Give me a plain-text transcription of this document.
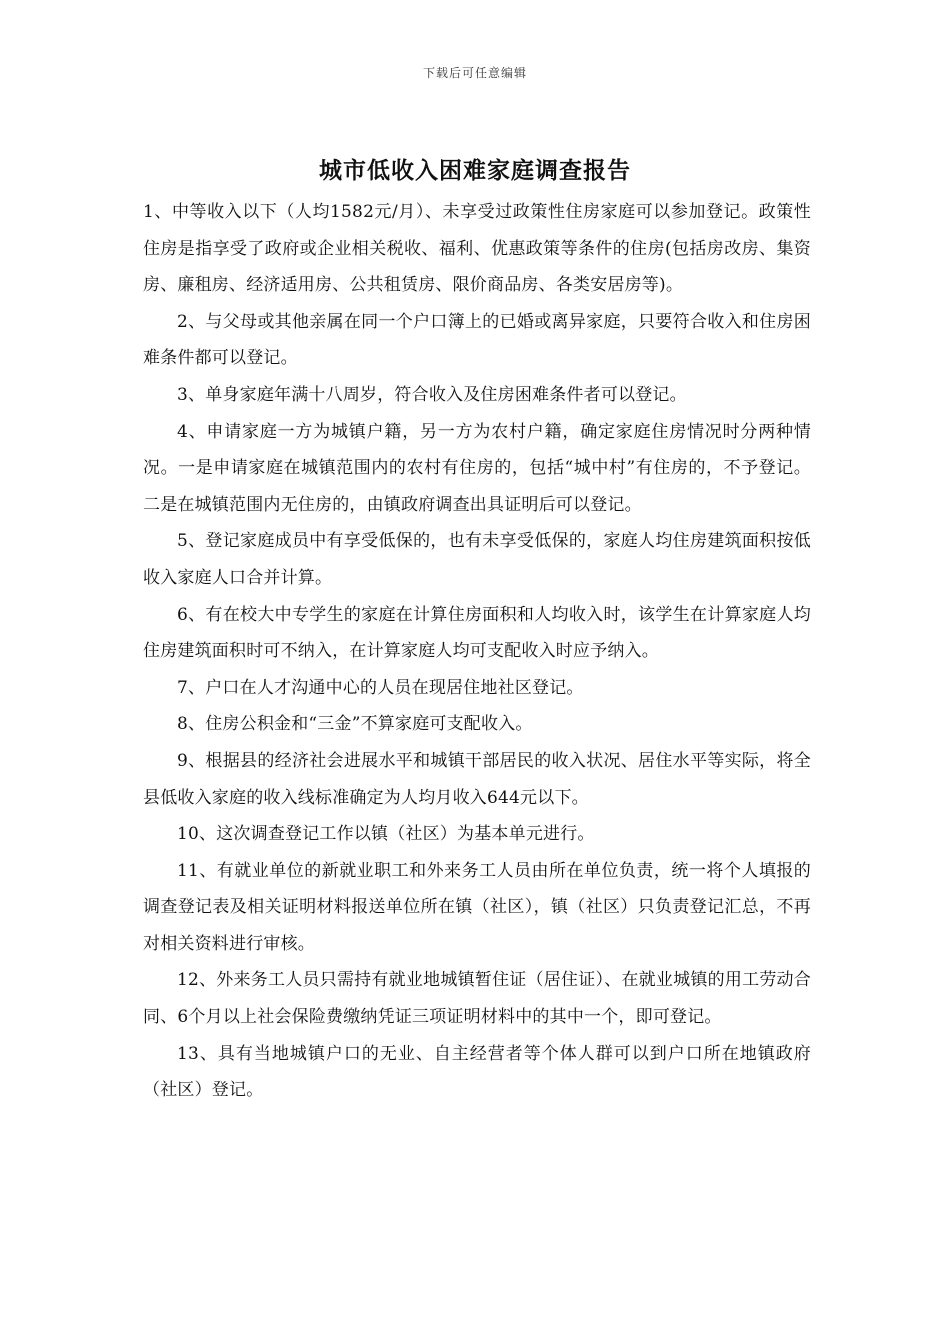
下载后可任意编辑
城市低收入困难家庭调查报告

1、中等收入以下（人均1582元/月）、未享受过政策性住房家庭可以参加登记。政策性住房是指享受了政府或企业相关税收、福利、优惠政策等条件的住房(包括房改房、集资房、廉租房、经济适用房、公共租赁房、限价商品房、各类安居房等)。

2、与父母或其他亲属在同一个户口簿上的已婚或离异家庭，只要符合收入和住房困难条件都可以登记。

3、单身家庭年满十八周岁，符合收入及住房困难条件者可以登记。

4、申请家庭一方为城镇户籍，另一方为农村户籍，确定家庭住房情况时分两种情况。一是申请家庭在城镇范围内的农村有住房的，包括“城中村”有住房的，不予登记。二是在城镇范围内无住房的，由镇政府调查出具证明后可以登记。

5、登记家庭成员中有享受低保的，也有未享受低保的，家庭人均住房建筑面积按低收入家庭人口合并计算。

6、有在校大中专学生的家庭在计算住房面积和人均收入时，该学生在计算家庭人均住房建筑面积时可不纳入，在计算家庭人均可支配收入时应予纳入。

7、户口在人才沟通中心的人员在现居住地社区登记。

8、住房公积金和“三金”不算家庭可支配收入。

9、根据县的经济社会进展水平和城镇干部居民的收入状况、居住水平等实际，将全县低收入家庭的收入线标准确定为人均月收入644元以下。

10、这次调查登记工作以镇（社区）为基本单元进行。

11、有就业单位的新就业职工和外来务工人员由所在单位负责，统一将个人填报的调查登记表及相关证明材料报送单位所在镇（社区），镇（社区）只负责登记汇总，不再对相关资料进行审核。

12、外来务工人员只需持有就业地城镇暂住证（居住证）、在就业城镇的用工劳动合同、6个月以上社会保险费缴纳凭证三项证明材料中的其中一个，即可登记。

13、具有当地城镇户口的无业、自主经营者等个体人群可以到户口所在地镇政府（社区）登记。
